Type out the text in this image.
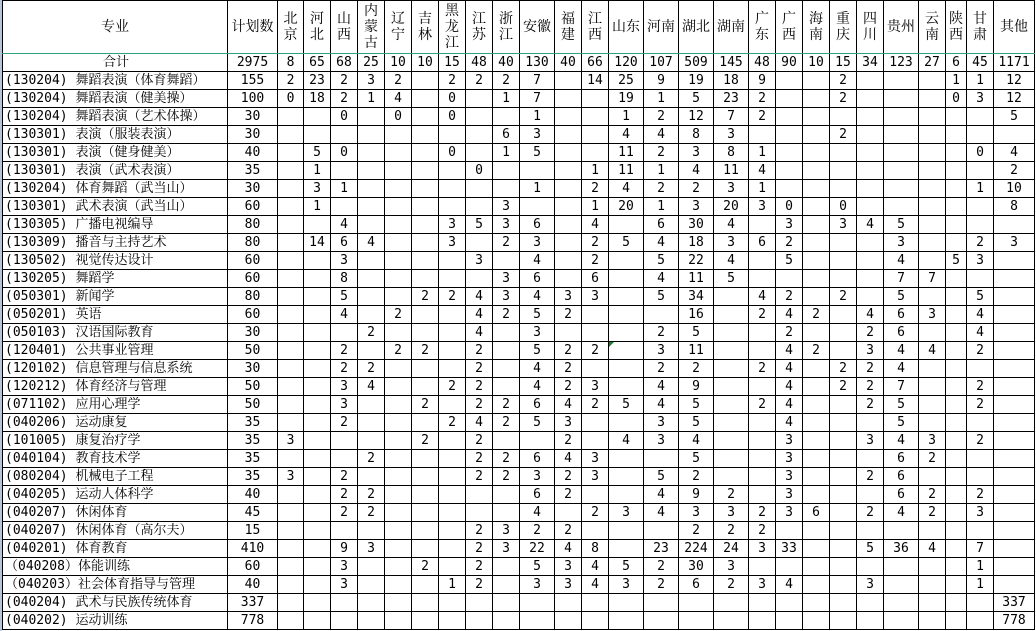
专业	计划数	北京	河北	山西	内蒙古	辽宁	吉林	黑龙江	江苏	浙江	安徽	福建	江西	山东	河南	湖北	湖南	广东	广西	海南	重庆	四川	贵州	云南	陕西	甘肃	其他
合计	2975	8	65	68	25	10	10	15	48	40	130	40	66	120	107	509	145	48	90	10	15	34	123	27	6	45	1171
(130204) 舞蹈表演（体育舞蹈）	155	2	23	2	3	2		2	2	2	7		14	25	9	19	18	9			2				1	1	12
(130204) 舞蹈表演（健美操）	100	0	18	2	1	4		0		1	7			19	1	5	23	2			2				0	3	12
(130204) 舞蹈表演（艺术体操）	30			0		0		0			1			1	2	12	7	2									5
(130301) 表演（服装表演）	30									6	3			4	4	8	3				2						
(130301) 表演（健身健美）	40		5	0				0		1	5			11	2	3	8	1								0	4
(130301) 表演（武术表演）	35		1						0				1	11	1	4	11	4									2
(130204) 体育舞蹈（武当山）	30		3	1							1		2	4	2	2	3	1								1	10
(130301) 武术表演（武当山）	60		1							3			1	20	1	3	20	3	0		0						8
(130305) 广播电视编导	80			4				3	5	3	6		4		6	30	4		3		3	4	5				
(130309) 播音与主持艺术	80		14	6	4			3		2	3		2	5	4	18	3	6	2				3			2	3
(130502) 视觉传达设计	60			3					3		4		2		5	22	4		5				4		5	3	
(130205) 舞蹈学	60			8						3	6		6		4	11	5						7	7			
(050301) 新闻学	80			5			2	2	4	3	4	3	3		5	34		4	2		2		5			5	
(050201) 英语	60			4		2			4	2	5	2				16		2	4	2		4	6	3		4	
(050103) 汉语国际教育	30				2				4		3				2	5			2			2	6			4	
(120401) 公共事业管理	50			2		2	2		2		5	2	2		3	11			4	2		3	4	4		2	
(120102) 信息管理与信息系统	30			2	2				2		4	2			2	2		2	4		2	2	4				
(120212) 体育经济与管理	50			3	4			2	2		4	2	3		4	9			4		2	2	7			2	
(071102) 应用心理学	50			3			2		2	2	6	4	2	5	4	5		2	4			2	5			2	
(040206) 运动康复	35			2				2	4	2	5	3			3	5			4				5				
(101005) 康复治疗学	35	3					2		2			2		4	3	4			3			3	4	3		2	
(040104) 教育技术学	35				2				2	2	6	4	3			5			3				6	2			
(080204) 机械电子工程	35	3		2					2	2	3	2	3		5	2			3			2	6				
(040205) 运动人体科学	40			2	2						6	2			4	9	2		3				6	2		2	
(040207) 休闲体育	45			2	2						4		2	3	4	3	3	2	3	6		2	4	2		3	
(040207) 休闲体育（高尔夫）	15								2	3	2	2				2	2	2									
(040201) 体育教育	410			9	3				2	3	22	4	8		23	224	24	3	33			5	36	4		7	
（040208）体能训练	60			3			2		2		5	3	4	5	2	30	3									1	
（040203）社会体育指导与管理	40			3				1	2		3	3	4	3	2	6	2	3	4			3				1	
(040204) 武术与民族传统体育	337																										337
(040202) 运动训练	778																										778
